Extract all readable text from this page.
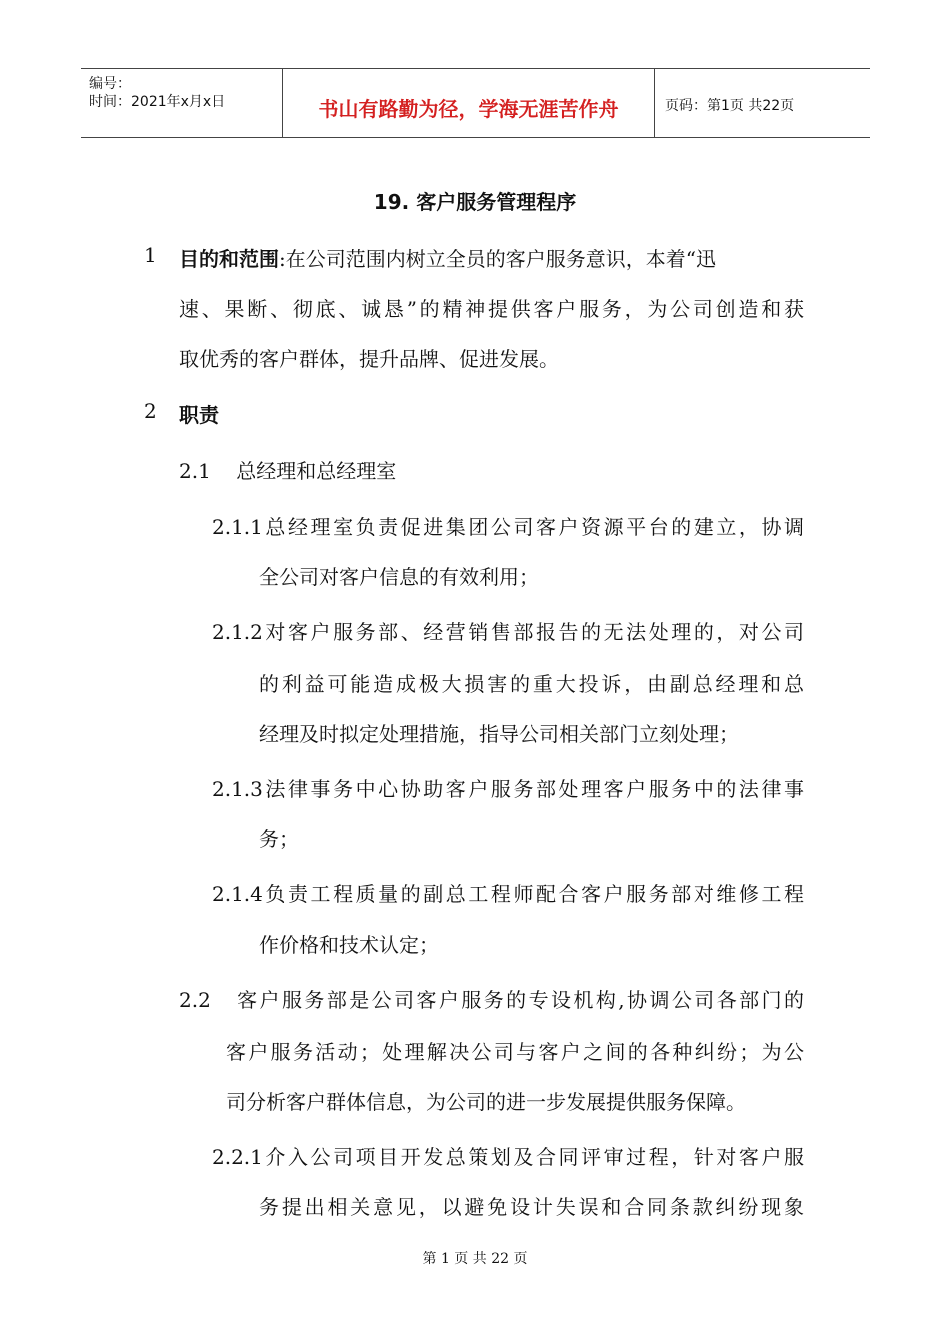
编号：
时间：2021年x月x日	书山有路勤为径，学海无涯苦作舟	页码：第1页 共22页
19. 客户服务管理程序
1 目的和范围:在公司范围内树立全员的客户服务意识，本着“迅
速、果断、彻底、诚恳”的精神提供客户服务，为公司创造和获
取优秀的客户群体，提升品牌、促进发展。
2 职责
2.1    总经理和总经理室
2.1.1总经理室负责促进集团公司客户资源平台的建立，协调
全公司对客户信息的有效利用；
2.1.2对客户服务部、经营销售部报告的无法处理的，对公司
的利益可能造成极大损害的重大投诉，由副总经理和总
经理及时拟定处理措施，指导公司相关部门立刻处理；
2.1.3法律事务中心协助客户服务部处理客户服务中的法律事
务；
2.1.4负责工程质量的副总工程师配合客户服务部对维修工程
作价格和技术认定；
2.2   客户服务部是公司客户服务的专设机构,协调公司各部门的
客户服务活动；处理解决公司与客户之间的各种纠纷；为公
司分析客户群体信息，为公司的进一步发展提供服务保障。
2.2.1介入公司项目开发总策划及合同评审过程，针对客户服
务提出相关意见，以避免设计失误和合同条款纠纷现象
第 1 页 共 22 页
